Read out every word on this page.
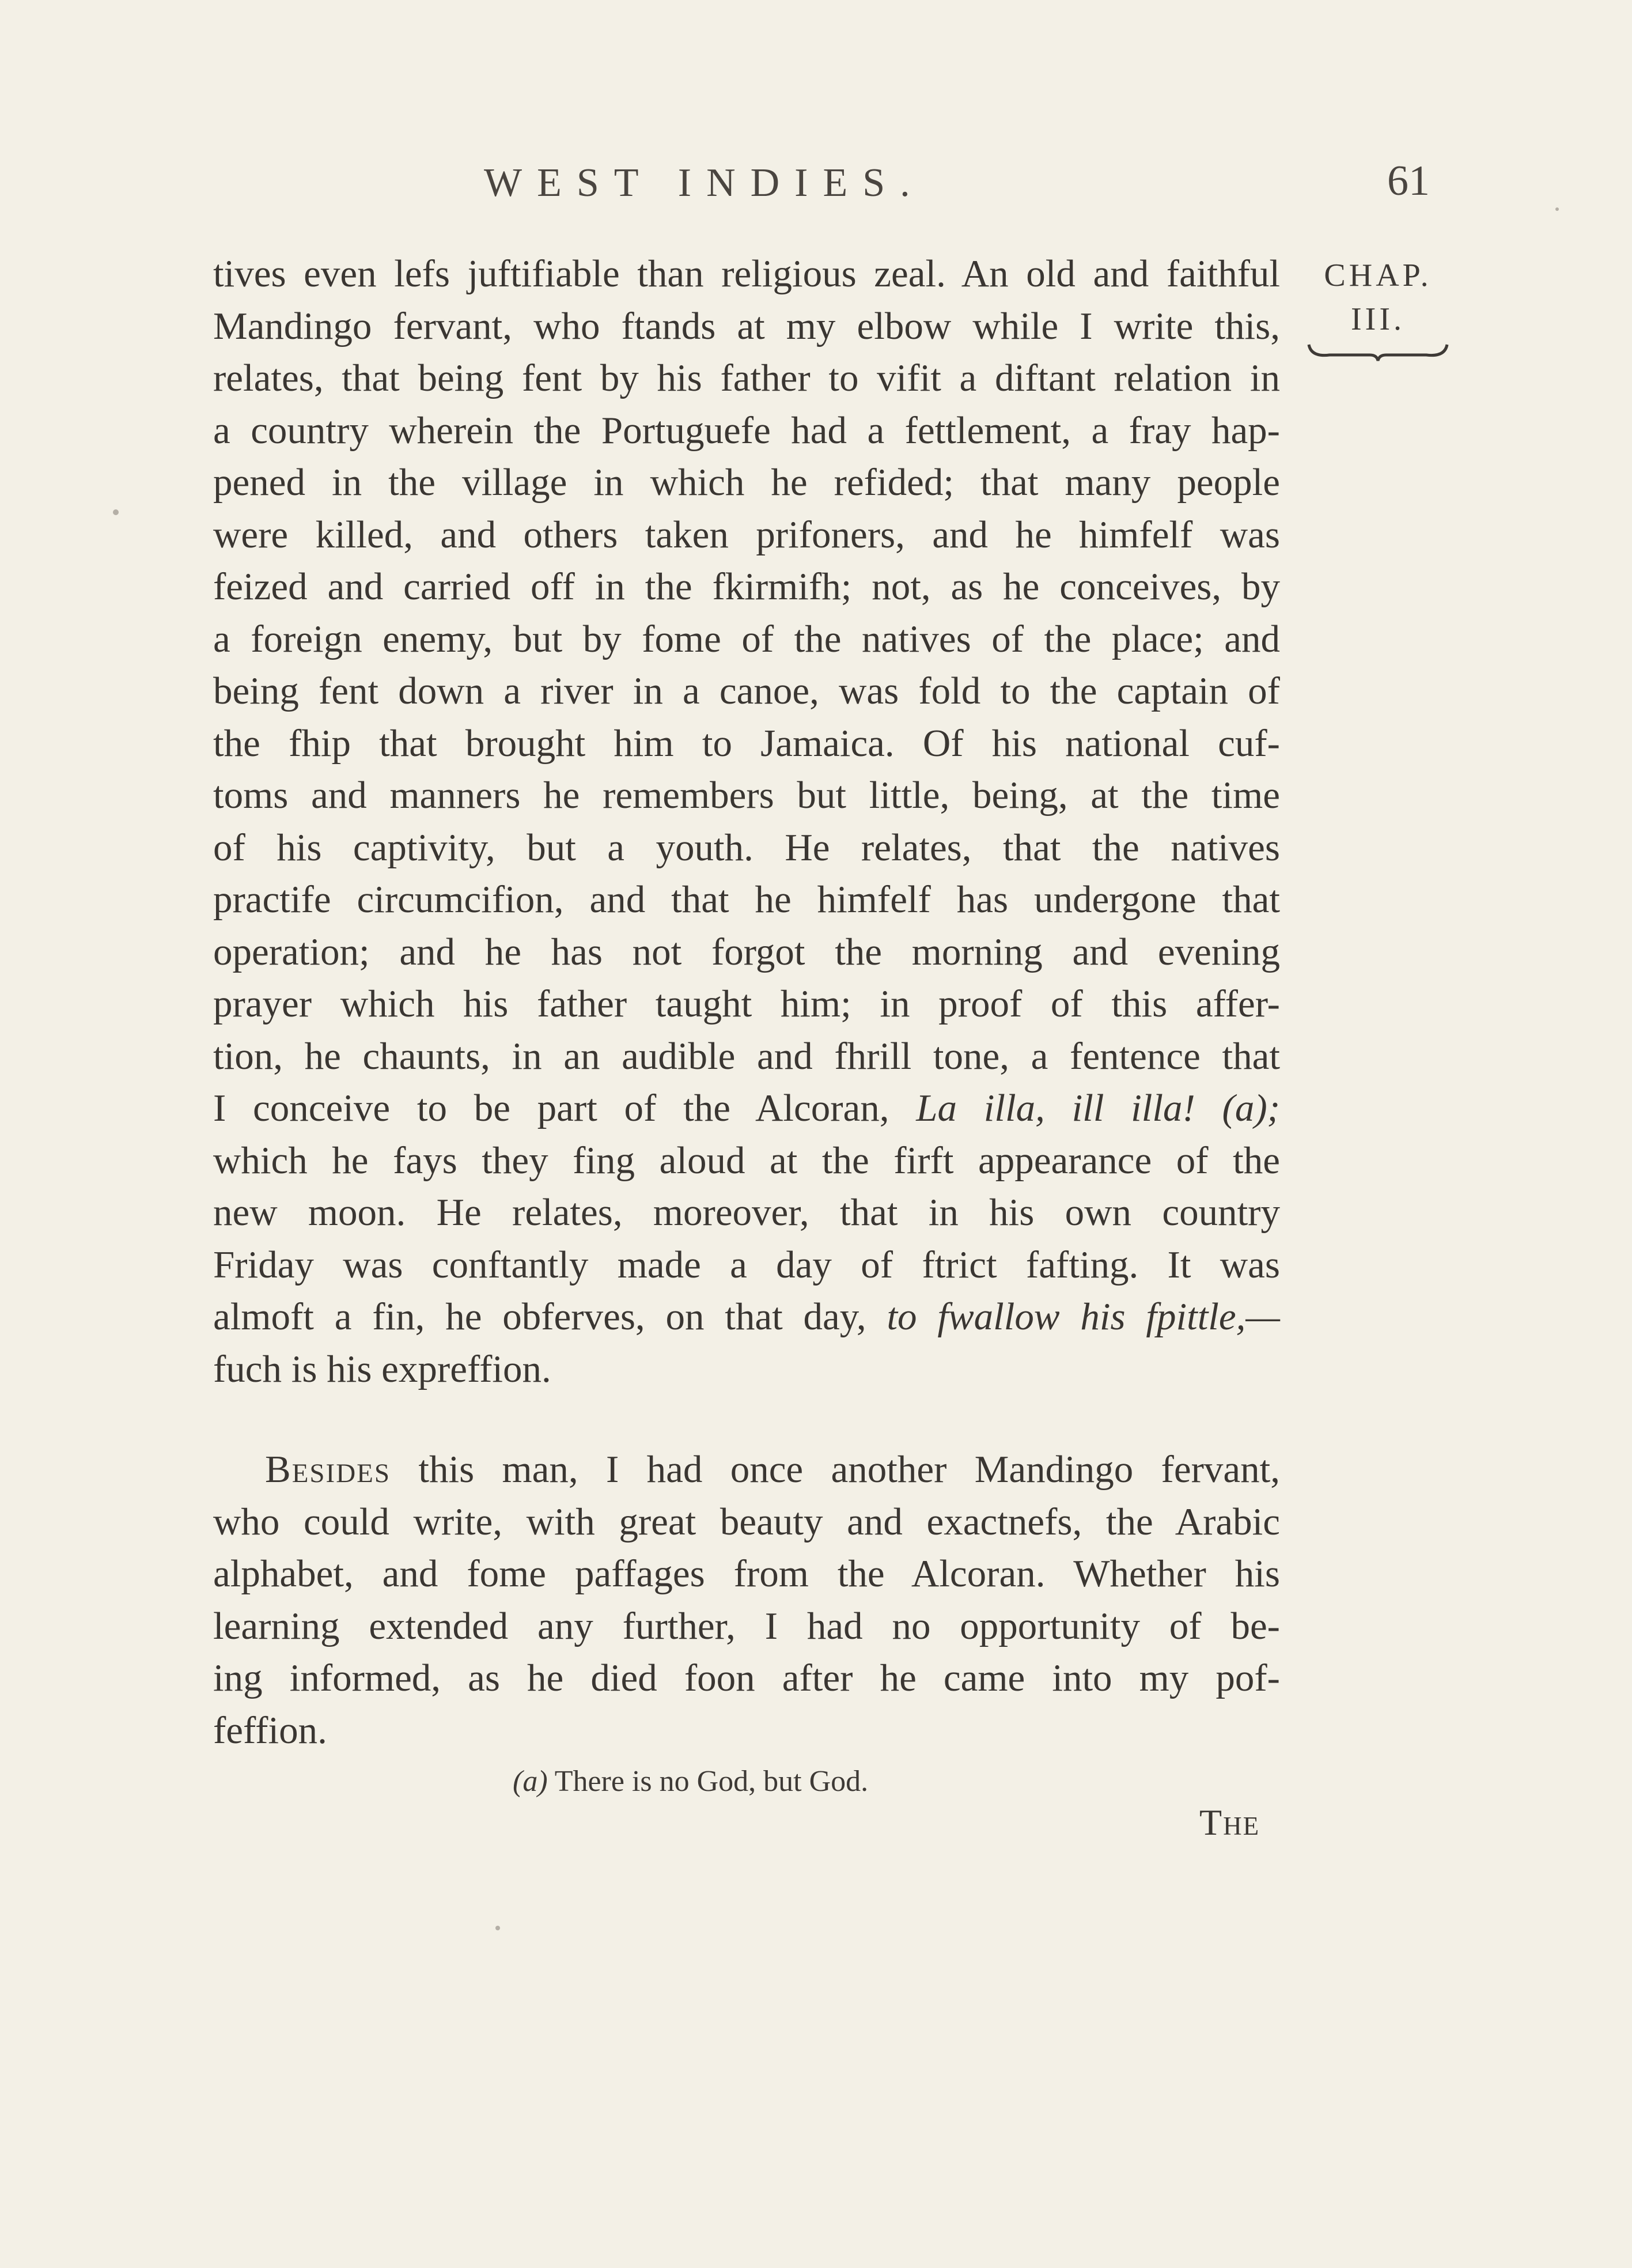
WEST INDIES.	61
CHAP.
III.
tives even lefs juftifiable than religious zeal. An old and faithful
Mandingo fervant, who ftands at my elbow while I write this,
relates, that being fent by his father to vifit a diftant relation in
a country wherein the Portuguefe had a fettlement, a fray hap-
pened in the village in which he refided; that many people
were killed, and others taken prifoners, and he himfelf was
feized and carried off in the fkirmifh; not, as he conceives, by
a foreign enemy, but by fome of the natives of the place; and
being fent down a river in a canoe, was fold to the captain of
the fhip that brought him to Jamaica. Of his national cuf-
toms and manners he remembers but little, being, at the time
of his captivity, but a youth. He relates, that the natives
practife circumcifion, and that he himfelf has undergone that
operation; and he has not forgot the morning and evening
prayer which his father taught him; in proof of this affer-
tion, he chaunts, in an audible and fhrill tone, a fentence that
I conceive to be part of the Alcoran, La illa, ill illa! (a);
which he fays they fing aloud at the firft appearance of the
new moon. He relates, moreover, that in his own country
Friday was conftantly made a day of ftrict fafting. It was
almoft a fin, he obferves, on that day, to fwallow his fpittle,—
fuch is his expreffion.
Besides this man, I had once another Mandingo fervant,
who could write, with great beauty and exactnefs, the Arabic
alphabet, and fome paffages from the Alcoran. Whether his
learning extended any further, I had no opportunity of be-
ing informed, as he died foon after he came into my pof-
feffion.
(a) There is no God, but God.
The
